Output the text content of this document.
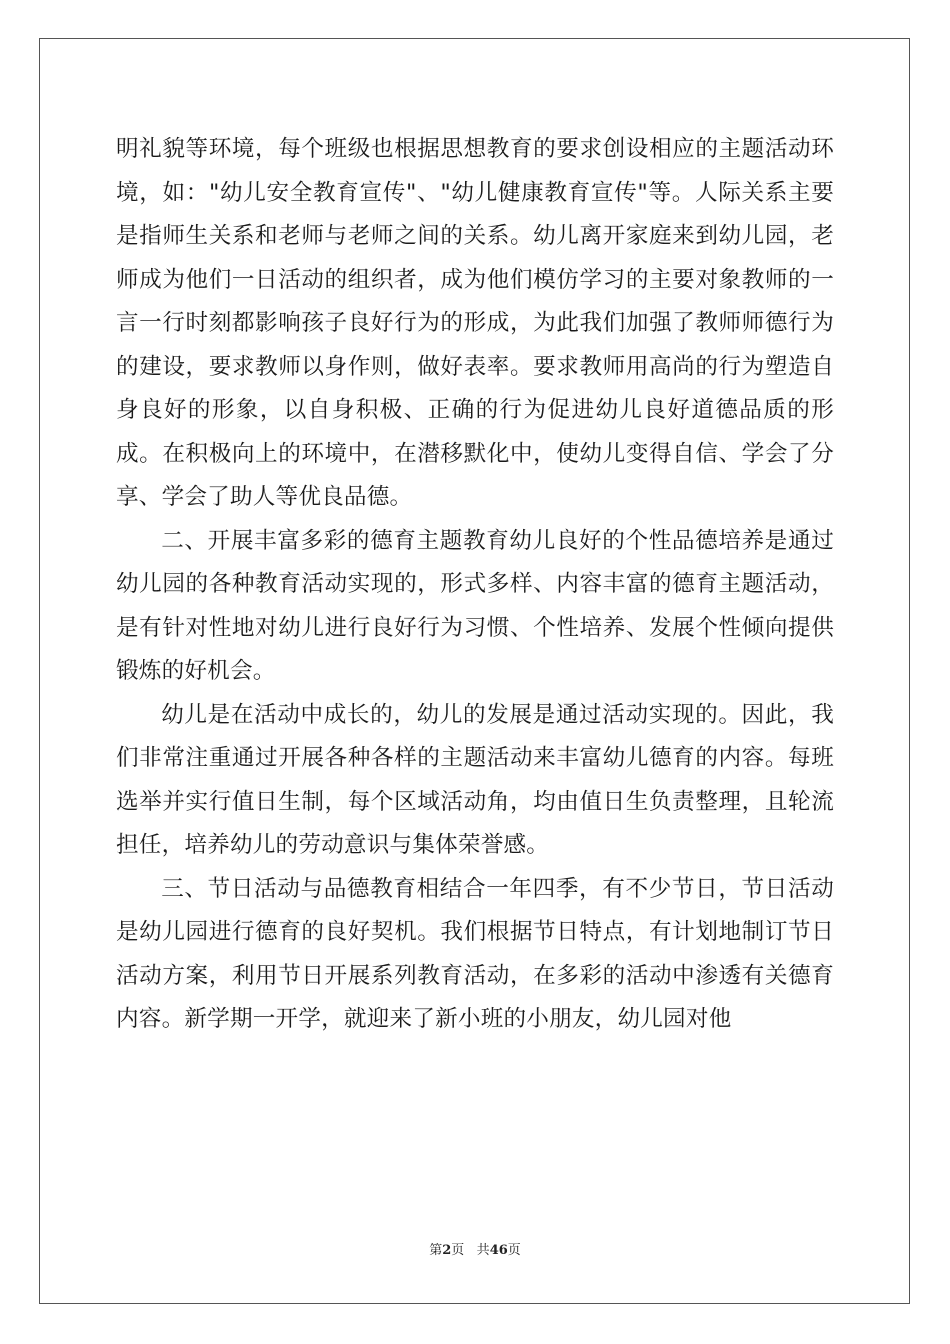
明礼貌等环境，每个班级也根据思想教育的要求创设相应的主题活动环境，如："幼儿安全教育宣传"、"幼儿健康教育宣传"等。人际关系主要是指师生关系和老师与老师之间的关系。幼儿离开家庭来到幼儿园，老师成为他们一日活动的组织者，成为他们模仿学习的主要对象教师的一言一行时刻都影响孩子良好行为的形成，为此我们加强了教师师德行为的建设，要求教师以身作则，做好表率。要求教师用高尚的行为塑造自身良好的形象，以自身积极、正确的行为促进幼儿良好道德品质的形成。在积极向上的环境中，在潜移默化中，使幼儿变得自信、学会了分享、学会了助人等优良品德。

二、开展丰富多彩的德育主题教育幼儿良好的个性品德培养是通过幼儿园的各种教育活动实现的，形式多样、内容丰富的德育主题活动，是有针对性地对幼儿进行良好行为习惯、个性培养、发展个性倾向提供锻炼的好机会。

幼儿是在活动中成长的，幼儿的发展是通过活动实现的。因此，我们非常注重通过开展各种各样的主题活动来丰富幼儿德育的内容。每班选举并实行值日生制，每个区域活动角，均由值日生负责整理，且轮流担任，培养幼儿的劳动意识与集体荣誉感。

三、节日活动与品德教育相结合一年四季，有不少节日，节日活动是幼儿园进行德育的良好契机。我们根据节日特点，有计划地制订节日活动方案，利用节日开展系列教育活动，在多彩的活动中渗透有关德育内容。新学期一开学，就迎来了新小班的小朋友，幼儿园对他

第2页 共46页
